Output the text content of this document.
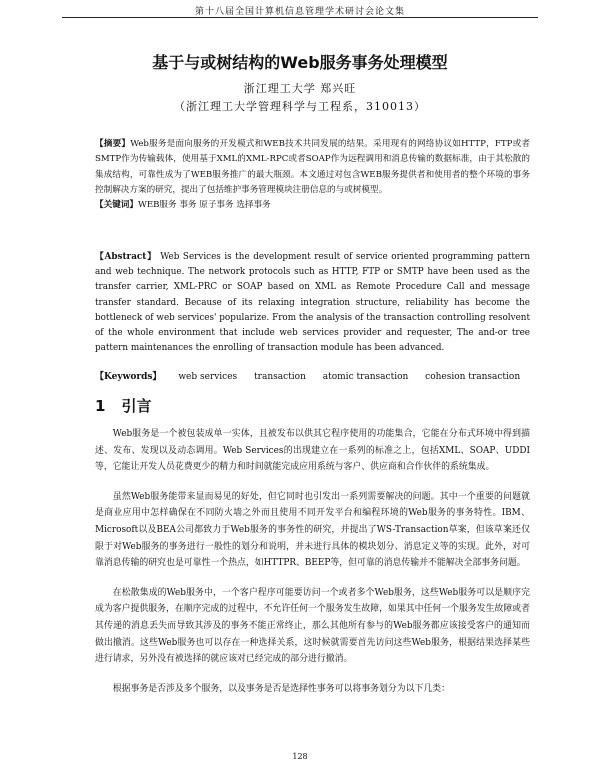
第十八届全国计算机信息管理学术研讨会论文集
基于与或树结构的Web服务事务处理模型
浙江理工大学 郑兴旺
（浙江理工大学管理科学与工程系，310013）
【摘要】Web服务是面向服务的开发模式和WEB技术共同发展的结果。采用现有的网络协议如HTTP，FTP或者SMTP作为传输载体，使用基于XML的XML-RPC或者SOAP作为远程调用和消息传输的数据标准，由于其松散的集成结构，可靠性成为了WEB服务推广的最大瓶颈。本文通过对包含WEB服务提供者和使用者的整个环境的事务控制解决方案的研究，提出了包括维护事务管理模块注册信息的与或树模型。
【关键词】WEB服务 事务 原子事务 选择事务
【Abstract】 Web Services is the development result of service oriented programming pattern and web technique. The network protocols such as HTTP, FTP or SMTP have been used as the transfer carrier, XML-PRC or SOAP based on XML as Remote Procedure Call and message transfer standard. Because of its relaxing integration structure, reliability has become the bottleneck of web services' popularize. From the analysis of the transaction controlling resolvent of the whole environment that include web services provider and requester, The and-or tree pattern maintenances the enrolling of transaction module has been advanced.
【Keywords】 web services transaction atomic transaction cohesion transaction
1 引言

Web服务是一个被包装成单一实体，且被发布以供其它程序使用的功能集合，它能在分布式环境中得到描述、发布、发现以及动态调用。Web Services的出现建立在一系列的标准之上，包括XML、SOAP、UDDI等，它能让开发人员花费更少的精力和时间就能完成应用系统与客户、供应商和合作伙伴的系统集成。

虽然Web服务能带来显而易见的好处，但它同时也引发出一系列需要解决的问题。其中一个重要的问题就是商业应用中怎样确保在不同防火墙之外而且使用不同开发平台和编程环境的Web服务的事务特性。IBM、Microsoft以及BEA公司都致力于Web服务的事务性的研究，并提出了WS-Transaction草案，但该草案还仅限于对Web服务的事务进行一般性的划分和说明，并未进行具体的模块划分、消息定义等的实现。此外，对可靠消息传输的研究也是可靠性一个热点，如HTTPR、BEEP等，但可靠的消息传输并不能解决全部事务问题。

在松散集成的Web服务中，一个客户程序可能要访问一个或者多个Web服务，这些Web服务可以是顺序完成为客户提供服务，在顺序完成的过程中，不允许任何一个服务发生故障，如果其中任何一个服务发生故障或者其传递的消息丢失而导致其涉及的事务不能正常终止，那么其他所有参与的Web服务都应该接受客户的通知而做出撤消。这些Web服务也可以存在一种选择关系，这时候就需要首先访问这些Web服务，根据结果选择某些进行请求，另外没有被选择的就应该对已经完成的部分进行撤消。

根据事务是否涉及多个服务，以及事务是否是选择性事务可以将事务划分为以下几类：

128
